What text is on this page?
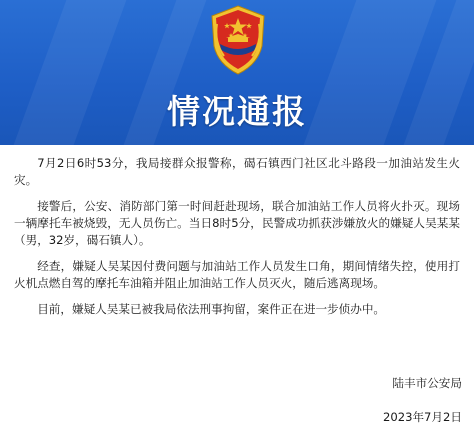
情况通报

7月2日6时53分，我局接群众报警称，碣石镇西门社区北斗路段一加油站发生火灾。

接警后，公安、消防部门第一时间赶赴现场，联合加油站工作人员将火扑灭。现场一辆摩托车被烧毁，无人员伤亡。当日8时5分，民警成功抓获涉嫌放火的嫌疑人吴某某（男，32岁，碣石镇人）。

经查，嫌疑人吴某因付费问题与加油站工作人员发生口角，期间情绪失控，使用打火机点燃自驾的摩托车油箱并阻止加油站工作人员灭火，随后逃离现场。

目前，嫌疑人吴某已被我局依法刑事拘留，案件正在进一步侦办中。

陆丰市公安局
2023年7月2日
